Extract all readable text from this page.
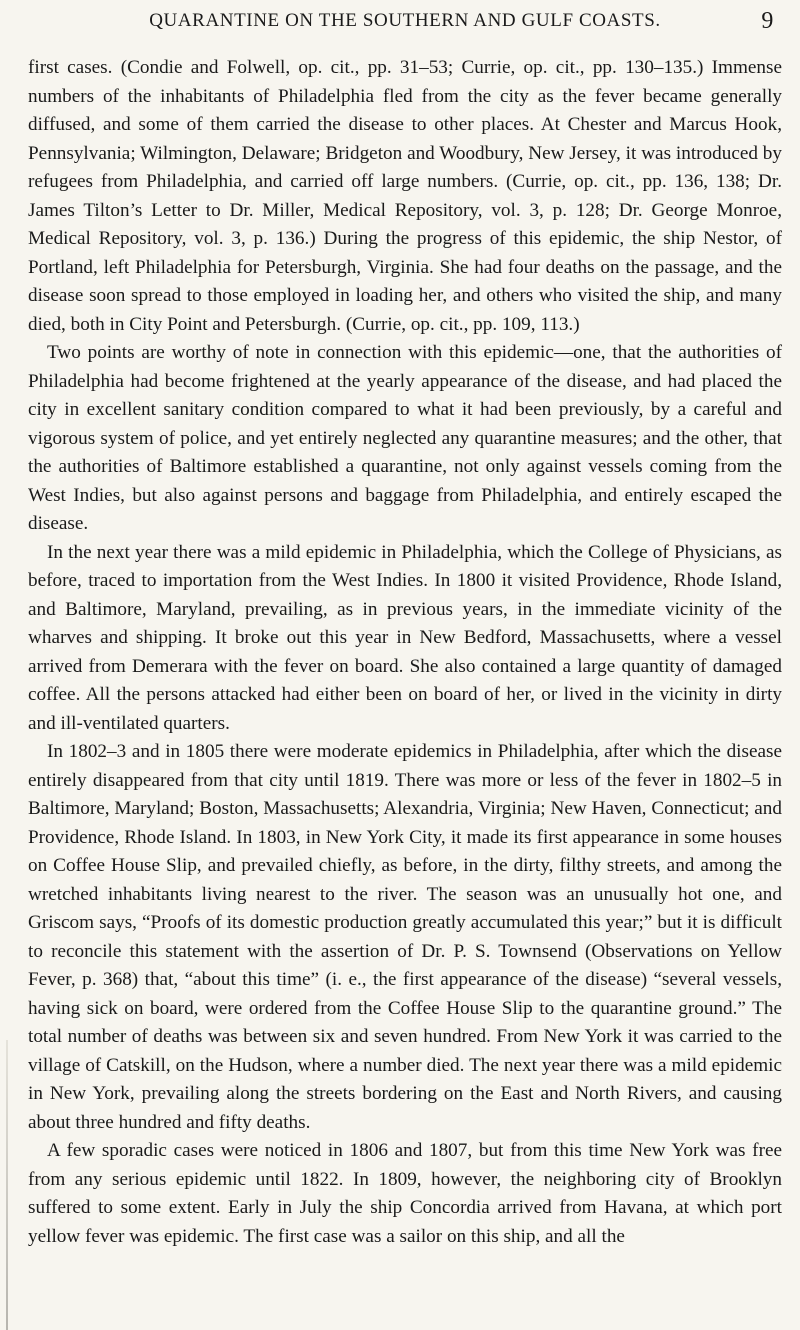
QUARANTINE ON THE SOUTHERN AND GULF COASTS.	9

first cases. (Condie and Folwell, op. cit., pp. 31–53; Currie, op. cit., pp. 130–135.) Immense numbers of the inhabitants of Philadelphia fled from the city as the fever became generally diffused, and some of them carried the disease to other places. At Chester and Marcus Hook, Pennsylvania; Wilmington, Delaware; Bridgeton and Woodbury, New Jersey, it was introduced by refugees from Philadelphia, and carried off large numbers. (Currie, op. cit., pp. 136, 138; Dr. James Tilton’s Letter to Dr. Miller, Medical Repository, vol. 3, p. 128; Dr. George Monroe, Medical Repository, vol. 3, p. 136.) During the progress of this epidemic, the ship Nestor, of Portland, left Philadelphia for Petersburgh, Virginia. She had four deaths on the passage, and the disease soon spread to those employed in loading her, and others who visited the ship, and many died, both in City Point and Petersburgh. (Currie, op. cit., pp. 109, 113.)

Two points are worthy of note in connection with this epidemic—one, that the authorities of Philadelphia had become frightened at the yearly appearance of the disease, and had placed the city in excellent sanitary condition compared to what it had been previously, by a careful and vigorous system of police, and yet entirely neglected any quarantine measures; and the other, that the authorities of Baltimore established a quarantine, not only against vessels coming from the West Indies, but also against persons and baggage from Philadelphia, and entirely escaped the disease.

In the next year there was a mild epidemic in Philadelphia, which the College of Physicians, as before, traced to importation from the West Indies. In 1800 it visited Providence, Rhode Island, and Baltimore, Maryland, prevailing, as in previous years, in the immediate vicinity of the wharves and shipping. It broke out this year in New Bedford, Massachusetts, where a vessel arrived from Demerara with the fever on board. She also contained a large quantity of damaged coffee. All the persons attacked had either been on board of her, or lived in the vicinity in dirty and ill-ventilated quarters.

In 1802–3 and in 1805 there were moderate epidemics in Philadelphia, after which the disease entirely disappeared from that city until 1819. There was more or less of the fever in 1802–5 in Baltimore, Maryland; Boston, Massachusetts; Alexandria, Virginia; New Haven, Connecticut; and Providence, Rhode Island. In 1803, in New York City, it made its first appearance in some houses on Coffee House Slip, and prevailed chiefly, as before, in the dirty, filthy streets, and among the wretched inhabitants living nearest to the river. The season was an unusually hot one, and Griscom says, “Proofs of its domestic production greatly accumulated this year;” but it is difficult to reconcile this statement with the assertion of Dr. P. S. Townsend (Observations on Yellow Fever, p. 368) that, “about this time” (i. e., the first appearance of the disease) “several vessels, having sick on board, were ordered from the Coffee House Slip to the quarantine ground.” The total number of deaths was between six and seven hundred. From New York it was carried to the village of Catskill, on the Hudson, where a number died. The next year there was a mild epidemic in New York, prevailing along the streets bordering on the East and North Rivers, and causing about three hundred and fifty deaths.

A few sporadic cases were noticed in 1806 and 1807, but from this time New York was free from any serious epidemic until 1822. In 1809, however, the neighboring city of Brooklyn suffered to some extent. Early in July the ship Concordia arrived from Havana, at which port yellow fever was epidemic. The first case was a sailor on this ship, and all the
